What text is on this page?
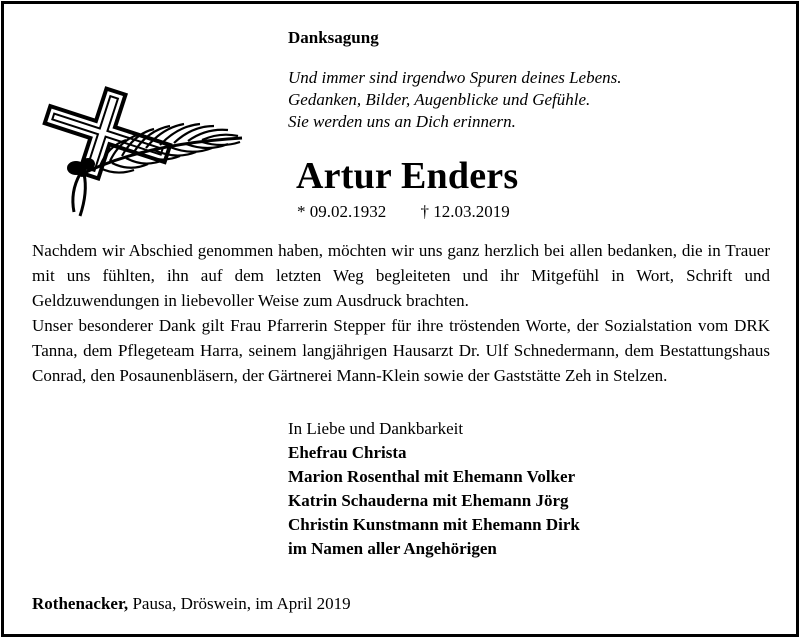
Danksagung
Und immer sind irgendwo Spuren deines Lebens.
Gedanken, Bilder, Augenblicke und Gefühle.
Sie werden uns an Dich erinnern.
Artur Enders
* 09.02.1932 † 12.03.2019

Nachdem wir Abschied genommen haben, möchten wir uns ganz herzlich bei allen bedanken, die in Trauer mit uns fühlten, ihn auf dem letzten Weg begleiteten und ihr Mitgefühl in Wort, Schrift und Geldzuwendungen in liebevoller Weise zum Ausdruck brachten.

Unser besonderer Dank gilt Frau Pfarrerin Stepper für ihre tröstenden Worte, der Sozialstation vom DRK Tanna, dem Pflegeteam Harra, seinem langjährigen Hausarzt Dr. Ulf Schnedermann, dem Bestattungshaus Conrad, den Posaunenbläsern, der Gärtnerei Mann-Klein sowie der Gaststätte Zeh in Stelzen.

In Liebe und Dankbarkeit
Ehefrau Christa
Marion Rosenthal mit Ehemann Volker
Katrin Schauderna mit Ehemann Jörg
Christin Kunstmann mit Ehemann Dirk
im Namen aller Angehörigen
Rothenacker, Pausa, Dröswein, im April 2019
